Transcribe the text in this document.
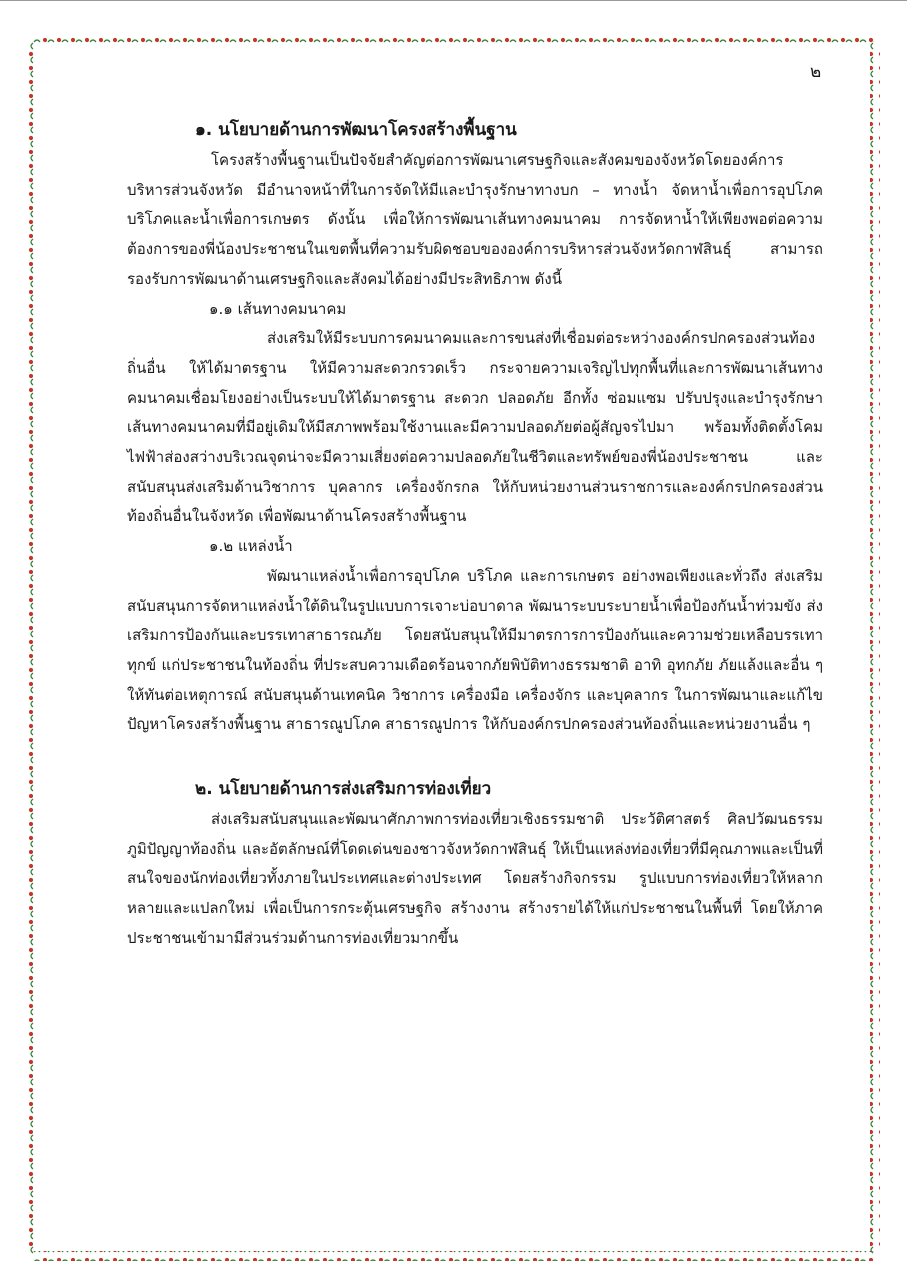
๒
๑. นโยบายด้านการพัฒนาโครงสร้างพื้นฐาน

โครงสร้างพื้นฐานเป็นปัจจัยสำคัญต่อการพัฒนาเศรษฐกิจและสังคมของจังหวัดโดยองค์การบริหารส่วนจังหวัด มีอำนาจหน้าที่ในการจัดให้มีและบำรุงรักษาทางบก – ทางน้ำ จัดหาน้ำเพื่อการอุปโภคบริโภคและน้ำเพื่อการเกษตร ดังนั้น เพื่อให้การพัฒนาเส้นทางคมนาคม การจัดหาน้ำให้เพียงพอต่อความต้องการของพี่น้องประชาชนในเขตพื้นที่ความรับผิดชอบขององค์การบริหารส่วนจังหวัดกาฬสินธุ์ สามารถรองรับการพัฒนาด้านเศรษฐกิจและสังคมได้อย่างมีประสิทธิภาพ ดังนี้

๑.๑ เส้นทางคมนาคม

ส่งเสริมให้มีระบบการคมนาคมและการขนส่งที่เชื่อมต่อระหว่างองค์กรปกครองส่วนท้องถิ่นอื่น ให้ได้มาตรฐาน ให้มีความสะดวกรวดเร็ว กระจายความเจริญไปทุกพื้นที่และการพัฒนาเส้นทางคมนาคมเชื่อมโยงอย่างเป็นระบบให้ได้มาตรฐาน สะดวก ปลอดภัย อีกทั้ง ซ่อมแซม ปรับปรุงและบำรุงรักษา เส้นทางคมนาคมที่มีอยู่เดิมให้มีสภาพพร้อมใช้งานและมีความปลอดภัยต่อผู้สัญจรไปมา พร้อมทั้งติดตั้งโคมไฟฟ้าส่องสว่างบริเวณจุดน่าจะมีความเสี่ยงต่อความปลอดภัยในชีวิตและทรัพย์ของพี่น้องประชาชน และสนับสนุนส่งเสริมด้านวิชาการ บุคลากร เครื่องจักรกล ให้กับหน่วยงานส่วนราชการและองค์กรปกครองส่วนท้องถิ่นอื่นในจังหวัด เพื่อพัฒนาด้านโครงสร้างพื้นฐาน

๑.๒ แหล่งน้ำ

พัฒนาแหล่งน้ำเพื่อการอุปโภค บริโภค และการเกษตร อย่างพอเพียงและทั่วถึง ส่งเสริมสนับสนุนการจัดหาแหล่งน้ำใต้ดินในรูปแบบการเจาะบ่อบาดาล พัฒนาระบบระบายน้ำเพื่อป้องกันน้ำท่วมขัง ส่งเสริมการป้องกันและบรรเทาสาธารณภัย โดยสนับสนุนให้มีมาตรการการป้องกันและความช่วยเหลือบรรเทาทุกข์ แก่ประชาชนในท้องถิ่น ที่ประสบความเดือดร้อนจากภัยพิบัติทางธรรมชาติ อาทิ อุทกภัย ภัยแล้งและอื่น ๆ ให้ทันต่อเหตุการณ์ สนับสนุนด้านเทคนิค วิชาการ เครื่องมือ เครื่องจักร และบุคลากร ในการพัฒนาและแก้ไขปัญหาโครงสร้างพื้นฐาน สาธารณูปโภค สาธารณูปการ ให้กับองค์กรปกครองส่วนท้องถิ่นและหน่วยงานอื่น ๆ

๒. นโยบายด้านการส่งเสริมการท่องเที่ยว

ส่งเสริมสนับสนุนและพัฒนาศักภาพการท่องเที่ยวเชิงธรรมชาติ ประวัติศาสตร์ ศิลปวัฒนธรรม ภูมิปัญญาท้องถิ่น และอัตลักษณ์ที่โดดเด่นของชาวจังหวัดกาฬสินธุ์ ให้เป็นแหล่งท่องเที่ยวที่มีคุณภาพและเป็นที่สนใจของนักท่องเที่ยวทั้งภายในประเทศและต่างประเทศ โดยสร้างกิจกรรม รูปแบบการท่องเที่ยวให้หลากหลายและแปลกใหม่ เพื่อเป็นการกระตุ้นเศรษฐกิจ สร้างงาน สร้างรายได้ให้แก่ประชาชนในพื้นที่ โดยให้ภาคประชาชนเข้ามามีส่วนร่วมด้านการท่องเที่ยวมากขึ้น
